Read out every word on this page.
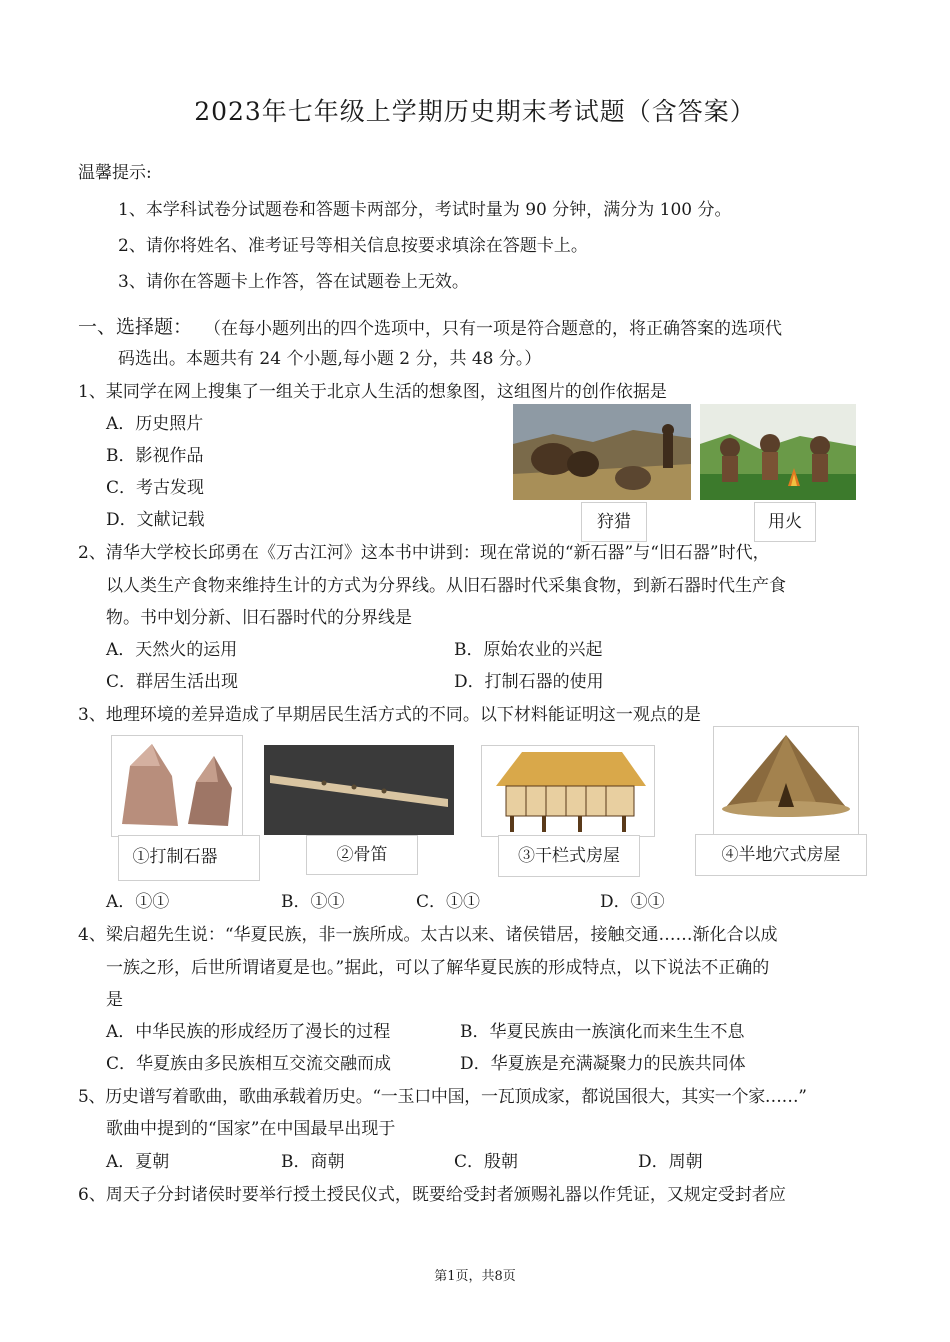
2023年七年级上学期历史期末考试题（含答案）
温馨提示:
1、本学科试卷分试题卷和答题卡两部分，考试时量为 90 分钟，满分为 100 分。
2、请你将姓名、准考证号等相关信息按要求填涂在答题卡上。
3、请你在答题卡上作答，答在试题卷上无效。
一、选择题： （在每小题列出的四个选项中，只有一项是符合题意的，将正确答案的选项代
码选出。本题共有 24 个小题,每小题 2 分，共 48 分。）
1、某同学在网上搜集了一组关于北京人生活的想象图，这组图片的创作依据是
A．历史照片
B．影视作品
C．考古发现
D．文献记载	狩猎	用火
2、清华大学校长邱勇在《万古江河》这本书中讲到：现在常说的“新石器”与“旧石器”时代，
以人类生产食物来维持生计的方式为分界线。从旧石器时代采集食物，到新石器时代生产食
物。书中划分新、旧石器时代的分界线是
A．天然火的运用	B．原始农业的兴起
C．群居生活出现	D．打制石器的使用
3、地理环境的差异造成了早期居民生活方式的不同。以下材料能证明这一观点的是
①打制石器	②骨笛	③干栏式房屋	④半地穴式房屋
A．①①	B．①①	C．①①	D．①①
4、梁启超先生说：“华夏民族，非一族所成。太古以来、诸侯错居，接触交通……渐化合以成
一族之形，后世所谓诸夏是也。”据此，可以了解华夏民族的形成特点，以下说法不正确的
是
A．中华民族的形成经历了漫长的过程	B．华夏民族由一族演化而来生生不息
C．华夏族由多民族相互交流交融而成	D．华夏族是充满凝聚力的民族共同体
5、历史谱写着歌曲，歌曲承载着历史。“一玉口中国，一瓦顶成家，都说国很大，其实一个家……”
歌曲中提到的“国家”在中国最早出现于
A．夏朝	B．商朝	C．殷朝	D．周朝
6、周天子分封诸侯时要举行授土授民仪式，既要给受封者颁赐礼器以作凭证，又规定受封者应
第1页，共8页
